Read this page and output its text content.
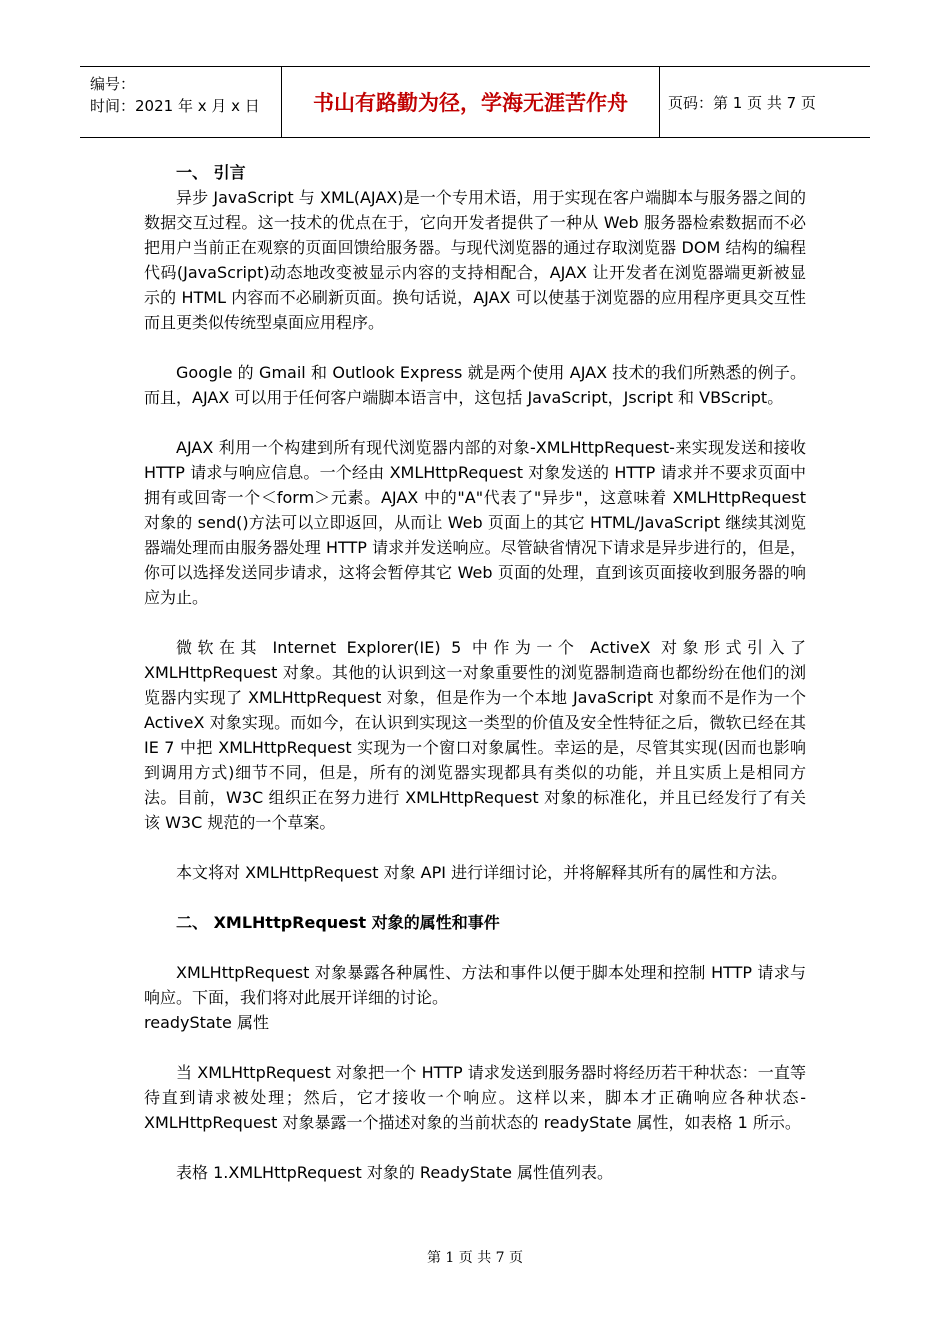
编号：
时间：2021 年 x 月 x 日	书山有路勤为径，学海无涯苦作舟	页码：第 1 页 共 7 页

一、 引言

异步 JavaScript 与 XML(AJAX)是一个专用术语，用于实现在客户端脚本与服务器之间的数据交互过程。这一技术的优点在于，它向开发者提供了一种从 Web 服务器检索数据而不必把用户当前正在观察的页面回馈给服务器。与现代浏览器的通过存取浏览器 DOM 结构的编程代码(JavaScript)动态地改变被显示内容的支持相配合，AJAX 让开发者在浏览器端更新被显示的 HTML 内容而不必刷新页面。换句话说，AJAX 可以使基于浏览器的应用程序更具交互性而且更类似传统型桌面应用程序。

Google 的 Gmail 和 Outlook Express 就是两个使用 AJAX 技术的我们所熟悉的例子。而且，AJAX 可以用于任何客户端脚本语言中，这包括 JavaScript，Jscript 和 VBScript。

AJAX 利用一个构建到所有现代浏览器内部的对象-XMLHttpRequest-来实现发送和接收 HTTP 请求与响应信息。一个经由 XMLHttpRequest 对象发送的 HTTP 请求并不要求页面中拥有或回寄一个＜form＞元素。AJAX 中的"A"代表了"异步"，这意味着 XMLHttpRequest 对象的 send()方法可以立即返回，从而让 Web 页面上的其它 HTML/JavaScript 继续其浏览器端处理而由服务器处理 HTTP 请求并发送响应。尽管缺省情况下请求是异步进行的，但是，你可以选择发送同步请求，这将会暂停其它 Web 页面的处理，直到该页面接收到服务器的响应为止。

微软在其 Internet Explorer(IE) 5 中作为一个 ActiveX 对象形式引入了 XMLHttpRequest 对象。其他的认识到这一对象重要性的浏览器制造商也都纷纷在他们的浏览器内实现了 XMLHttpRequest 对象，但是作为一个本地 JavaScript 对象而不是作为一个 ActiveX 对象实现。而如今，在认识到实现这一类型的价值及安全性特征之后，微软已经在其 IE 7 中把 XMLHttpRequest 实现为一个窗口对象属性。幸运的是，尽管其实现(因而也影响到调用方式)细节不同，但是，所有的浏览器实现都具有类似的功能，并且实质上是相同方法。目前，W3C 组织正在努力进行 XMLHttpRequest 对象的标准化，并且已经发行了有关该 W3C 规范的一个草案。

本文将对 XMLHttpRequest 对象 API 进行详细讨论，并将解释其所有的属性和方法。

二、 XMLHttpRequest 对象的属性和事件

XMLHttpRequest 对象暴露各种属性、方法和事件以便于脚本处理和控制 HTTP 请求与响应。下面，我们将对此展开详细的讨论。

readyState 属性

当 XMLHttpRequest 对象把一个 HTTP 请求发送到服务器时将经历若干种状态：一直等待直到请求被处理；然后，它才接收一个响应。这样以来，脚本才正确响应各种状态-XMLHttpRequest 对象暴露一个描述对象的当前状态的 readyState 属性，如表格 1 所示。

表格 1.XMLHttpRequest 对象的 ReadyState 属性值列表。

第 1 页 共 7 页
